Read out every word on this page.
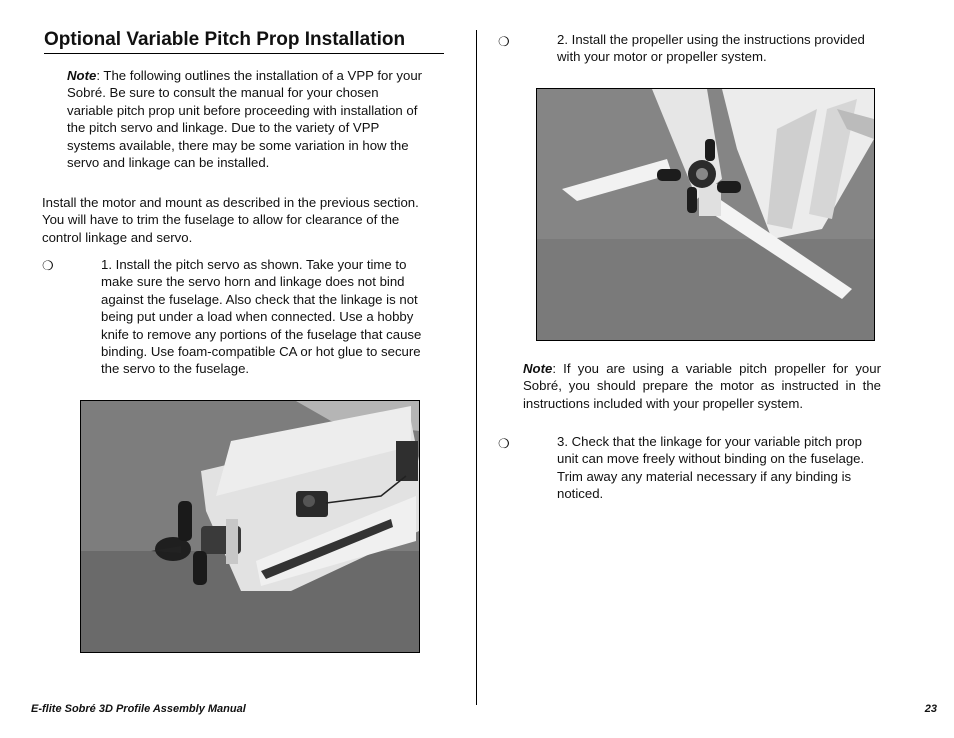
Optional Variable Pitch Prop Installation
Note: The following outlines the installation of a VPP for your Sobré. Be sure to consult the manual for your chosen variable pitch prop unit before proceeding with installation of the pitch servo and linkage. Due to the variety of VPP systems available, there may be some variation in how the servo and linkage can be installed.
Install the motor and mount as described in the previous section. You will have to trim the fuselage to allow for clearance of the control linkage and servo.
❍	1. Install the pitch servo as shown. Take your time to make sure the servo horn and linkage does not bind against the fuselage. Also check that the linkage is not being put under a load when connected. Use a hobby knife to remove any portions of the fuselage that cause binding. Use foam-compatible CA or hot glue to secure the servo to the fuselage.
❍	2. Install the propeller using the instructions provided with your motor or propeller system.
Note: If you are using a variable pitch propeller for your Sobré, you should prepare the motor as instructed in the instructions included with your propeller system.
❍	3. Check that the linkage for your variable pitch prop unit can move freely without binding on the fuselage. Trim away any material necessary if any binding is noticed.
E-flite Sobré 3D Profile Assembly Manual	23
